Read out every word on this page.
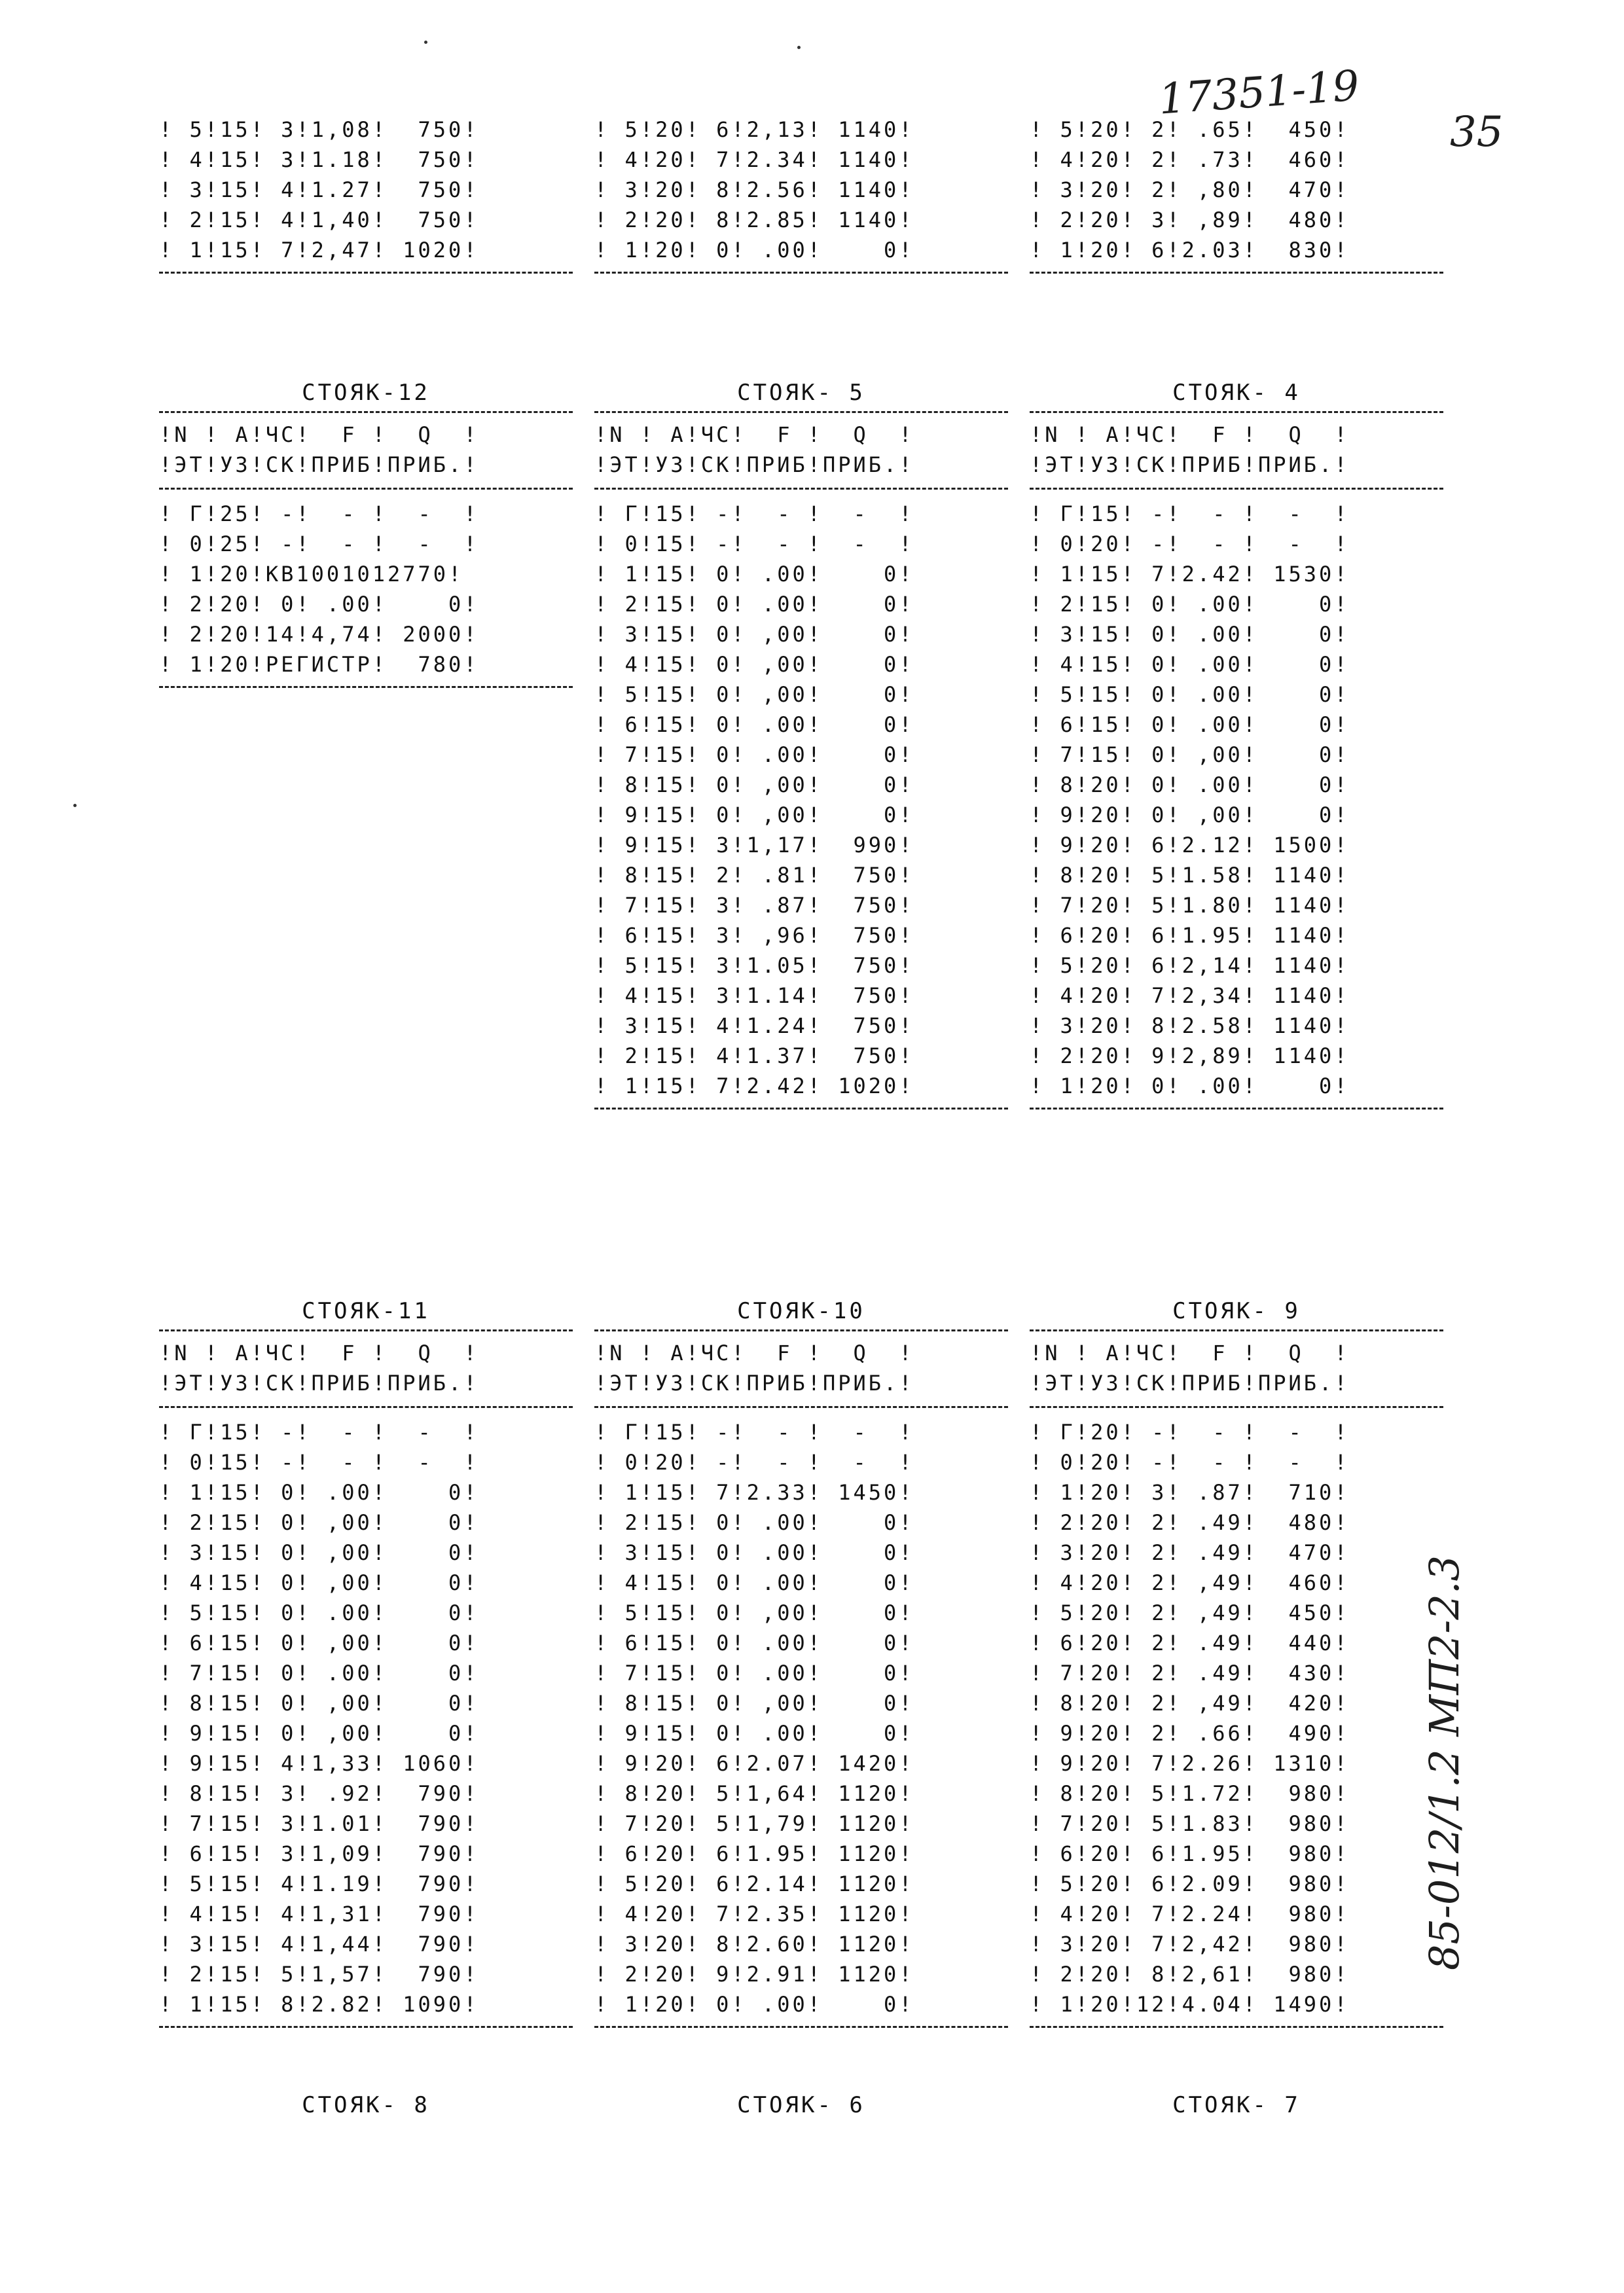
17351-19
35
85-012/1.2 МП2-2.3
! 5!15! 3!1,08!  750!
! 4!15! 3!1.18!  750!
! 3!15! 4!1.27!  750!
! 2!15! 4!1,40!  750!
! 1!15! 7!2,47! 1020!
! 5!20! 6!2,13! 1140!
! 4!20! 7!2.34! 1140!
! 3!20! 8!2.56! 1140!
! 2!20! 8!2.85! 1140!
! 1!20! 0! .00!    0!
! 5!20! 2! .65!  450!
! 4!20! 2! .73!  460!
! 3!20! 2! ,80!  470!
! 2!20! 3! ,89!  480!
! 1!20! 6!2.03!  830!
СТОЯК-12
!N ! А!ЧС!  F !  Q  !
!ЭТ!УЗ!СК!ПРИБ!ПРИБ.!
! Г!25! -!  - !  -  !
! 0!25! -!  - !  -  !
! 1!20!КВ1001012770!
! 2!20! 0! .00!    0!
! 2!20!14!4,74! 2000!
! 1!20!РЕГИСТР!  780!
СТОЯК- 5
!N ! А!ЧС!  F !  Q  !
!ЭТ!УЗ!СК!ПРИБ!ПРИБ.!
! Г!15! -!  - !  -  !
! 0!15! -!  - !  -  !
! 1!15! 0! .00!    0!
! 2!15! 0! .00!    0!
! 3!15! 0! ,00!    0!
! 4!15! 0! ,00!    0!
! 5!15! 0! ,00!    0!
! 6!15! 0! .00!    0!
! 7!15! 0! .00!    0!
! 8!15! 0! ,00!    0!
! 9!15! 0! ,00!    0!
! 9!15! 3!1,17!  990!
! 8!15! 2! .81!  750!
! 7!15! 3! .87!  750!
! 6!15! 3! ,96!  750!
! 5!15! 3!1.05!  750!
! 4!15! 3!1.14!  750!
! 3!15! 4!1.24!  750!
! 2!15! 4!1.37!  750!
! 1!15! 7!2.42! 1020!
СТОЯК- 4
!N ! А!ЧС!  F !  Q  !
!ЭТ!УЗ!СК!ПРИБ!ПРИБ.!
! Г!15! -!  - !  -  !
! 0!20! -!  - !  -  !
! 1!15! 7!2.42! 1530!
! 2!15! 0! .00!    0!
! 3!15! 0! .00!    0!
! 4!15! 0! .00!    0!
! 5!15! 0! .00!    0!
! 6!15! 0! .00!    0!
! 7!15! 0! ,00!    0!
! 8!20! 0! .00!    0!
! 9!20! 0! ,00!    0!
! 9!20! 6!2.12! 1500!
! 8!20! 5!1.58! 1140!
! 7!20! 5!1.80! 1140!
! 6!20! 6!1.95! 1140!
! 5!20! 6!2,14! 1140!
! 4!20! 7!2,34! 1140!
! 3!20! 8!2.58! 1140!
! 2!20! 9!2,89! 1140!
! 1!20! 0! .00!    0!
СТОЯК-11
!N ! А!ЧС!  F !  Q  !
!ЭТ!УЗ!СК!ПРИБ!ПРИБ.!
! Г!15! -!  - !  -  !
! 0!15! -!  - !  -  !
! 1!15! 0! .00!    0!
! 2!15! 0! ,00!    0!
! 3!15! 0! ,00!    0!
! 4!15! 0! ,00!    0!
! 5!15! 0! .00!    0!
! 6!15! 0! ,00!    0!
! 7!15! 0! .00!    0!
! 8!15! 0! ,00!    0!
! 9!15! 0! ,00!    0!
! 9!15! 4!1,33! 1060!
! 8!15! 3! .92!  790!
! 7!15! 3!1.01!  790!
! 6!15! 3!1,09!  790!
! 5!15! 4!1.19!  790!
! 4!15! 4!1,31!  790!
! 3!15! 4!1,44!  790!
! 2!15! 5!1,57!  790!
! 1!15! 8!2.82! 1090!
СТОЯК- 8
СТОЯК-10
!N ! А!ЧС!  F !  Q  !
!ЭТ!УЗ!СК!ПРИБ!ПРИБ.!
! Г!15! -!  - !  -  !
! 0!20! -!  - !  -  !
! 1!15! 7!2.33! 1450!
! 2!15! 0! .00!    0!
! 3!15! 0! .00!    0!
! 4!15! 0! .00!    0!
! 5!15! 0! ,00!    0!
! 6!15! 0! .00!    0!
! 7!15! 0! .00!    0!
! 8!15! 0! ,00!    0!
! 9!15! 0! .00!    0!
! 9!20! 6!2.07! 1420!
! 8!20! 5!1,64! 1120!
! 7!20! 5!1,79! 1120!
! 6!20! 6!1.95! 1120!
! 5!20! 6!2.14! 1120!
! 4!20! 7!2.35! 1120!
! 3!20! 8!2.60! 1120!
! 2!20! 9!2.91! 1120!
! 1!20! 0! .00!    0!
СТОЯК- 6
СТОЯК- 9
!N ! А!ЧС!  F !  Q  !
!ЭТ!УЗ!СК!ПРИБ!ПРИБ.!
! Г!20! -!  - !  -  !
! 0!20! -!  - !  -  !
! 1!20! 3! .87!  710!
! 2!20! 2! .49!  480!
! 3!20! 2! .49!  470!
! 4!20! 2! ,49!  460!
! 5!20! 2! ,49!  450!
! 6!20! 2! .49!  440!
! 7!20! 2! .49!  430!
! 8!20! 2! ,49!  420!
! 9!20! 2! .66!  490!
! 9!20! 7!2.26! 1310!
! 8!20! 5!1.72!  980!
! 7!20! 5!1.83!  980!
! 6!20! 6!1.95!  980!
! 5!20! 6!2.09!  980!
! 4!20! 7!2.24!  980!
! 3!20! 7!2,42!  980!
! 2!20! 8!2,61!  980!
! 1!20!12!4.04! 1490!
СТОЯК- 7
